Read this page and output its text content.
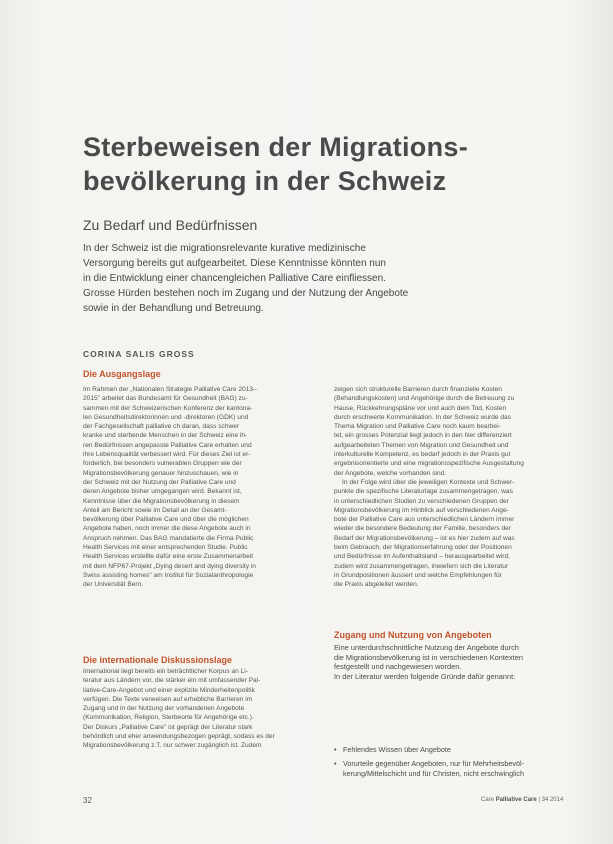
Sterbeweisen der Migrations-
bevölkerung in der Schweiz
Zu Bedarf und Bedürfnissen
In der Schweiz ist die migrationsrelevante kurative medizinische
Versorgung bereits gut aufgearbeitet. Diese Kenntnisse könnten nun
in die Entwicklung einer chancengleichen Palliative Care einfliessen.
Grosse Hürden bestehen noch im Zugang und der Nutzung der Angebote
sowie in der Behandlung und Betreuung.
CORINA SALIS GROSS
Die Ausgangslage
Im Rahmen der „Nationalen Strategie Palliative Care 2013–
2015" arbeitet das Bundesamt für Gesundheit (BAG) zu-
sammen mit der Schweizerischen Konferenz der kantona-
len Gesundheitsdirektorinnen und -direktoren (GDK) und
der Fachgesellschaft palliative ch daran, dass schwer
kranke und sterbende Menschen in der Schweiz eine ih-
ren Bedürfnissen angepasste Palliative Care erhalten und
ihre Lebensqualität verbessert wird. Für dieses Ziel ist er-
forderlich, bei besonders vulnerablen Gruppen wie der
Migrationsbevölkerung genauer hinzuschauen, wie in
der Schweiz mit der Nutzung der Palliative Care und
deren Angebote bisher umgegangen wird. Bekannt ist,
Kenntnisse über die Migrationsbevölkerung in diesem
Anteil am Bericht sowie im Detail an der Gesamt-
bevölkerung über Palliative Care und über die möglichen
Angebote haben, noch immer die diese Angebote auch in
Anspruch nehmen. Das BAG mandatierte die Firma Public
Health Services mit einer entsprechenden Studie. Public
Health Services erstellte dafür eine erste Zusammenarbeit
mit dem NFP67-Projekt „Dying desert and dying diversity in
Swiss assisting homes" am Institut für Sozialanthropologie
der Universität Bern.
Die internationale Diskussionslage
International liegt bereits ein beträchtlicher Korpus an Li-
teratur aus Ländern vor, die stärker ein mit umfassender Pal-
liative-Care-Angebot und einer explizite Minderheitenpolitik
verfügen. Die Texte verweisen auf erhebliche Barrieren im
Zugang und in der Nutzung der vorhandenen Angebote
(Kommunikation, Religion, Sterbeorte für Angehörige etc.).
Der Diskurs „Palliative Care" ist geprägt der Literatur stark
behördlich und eher anwendungsbezogen geprägt, sodass es der
Migrationsbevölkerung z.T. nur schwer zugänglich ist. Zudem
zeigen sich strukturelle Barrieren durch finanzielle Kosten
(Behandlungskosten) und Angehörige durch die Betreuung zu
Hause, Rückkehrungspläne vor und auch dem Tod, Kosten
durch erschwerte Kommunikation. In der Schweiz wurde das
Thema Migration und Palliative Care noch kaum bearbei-
tet, ein grosses Potenzial liegt jedoch in den hier differenziert
aufgearbeiteten Themen von Migration und Gesundheit und
interkulturelle Kompetenz, es bedarf jedoch in der Praxis gut
ergebnisorientierte und eine migrationsspezifische Ausgestaltung
der Angebote, welche vorhanden sind.
In der Folge wird über die jeweiligen Kontexte und Schwer-
punkte die spezifische Literaturlage zusammengetragen, was
in unterschiedlichen Studien zu verschiedenen Gruppen der
Migrationsbevölkerung im Hinblick auf verschiedenen Ange-
bote der Palliative Care aus unterschiedlichen Ländern immer
wieder die besondere Bedeutung der Familie, besonders der
Bedarf der Migrationsbevölkerung – ist es hier zudem auf was
beim Gebrauch, der Migrationserfahrung oder der Positionen
und Bedürfnisse im Aufenthaltsland – herausgearbeitet wird,
zudem wird zusammengetragen, inwiefern sich die Literatur
in Grundpositionen äussert und welche Empfehlungen für
die Praxis abgeleitet werden.
Zugang und Nutzung von Angeboten
Eine unterdurchschnittliche Nutzung der Angebote durch
die Migrationsbevölkerung ist in verschiedenen Kontexten
festgestellt und nachgewiesen worden.
In der Literatur werden folgende Gründe dafür genannt:
• Fehlendes Wissen über Angebote
• Vorurteile gegenüber Angeboten, nur für Mehrheitsbevöl-
kerung/Mittelschicht und für Christen, nicht erschwinglich
32	Care Palliative Care | 34 2014
